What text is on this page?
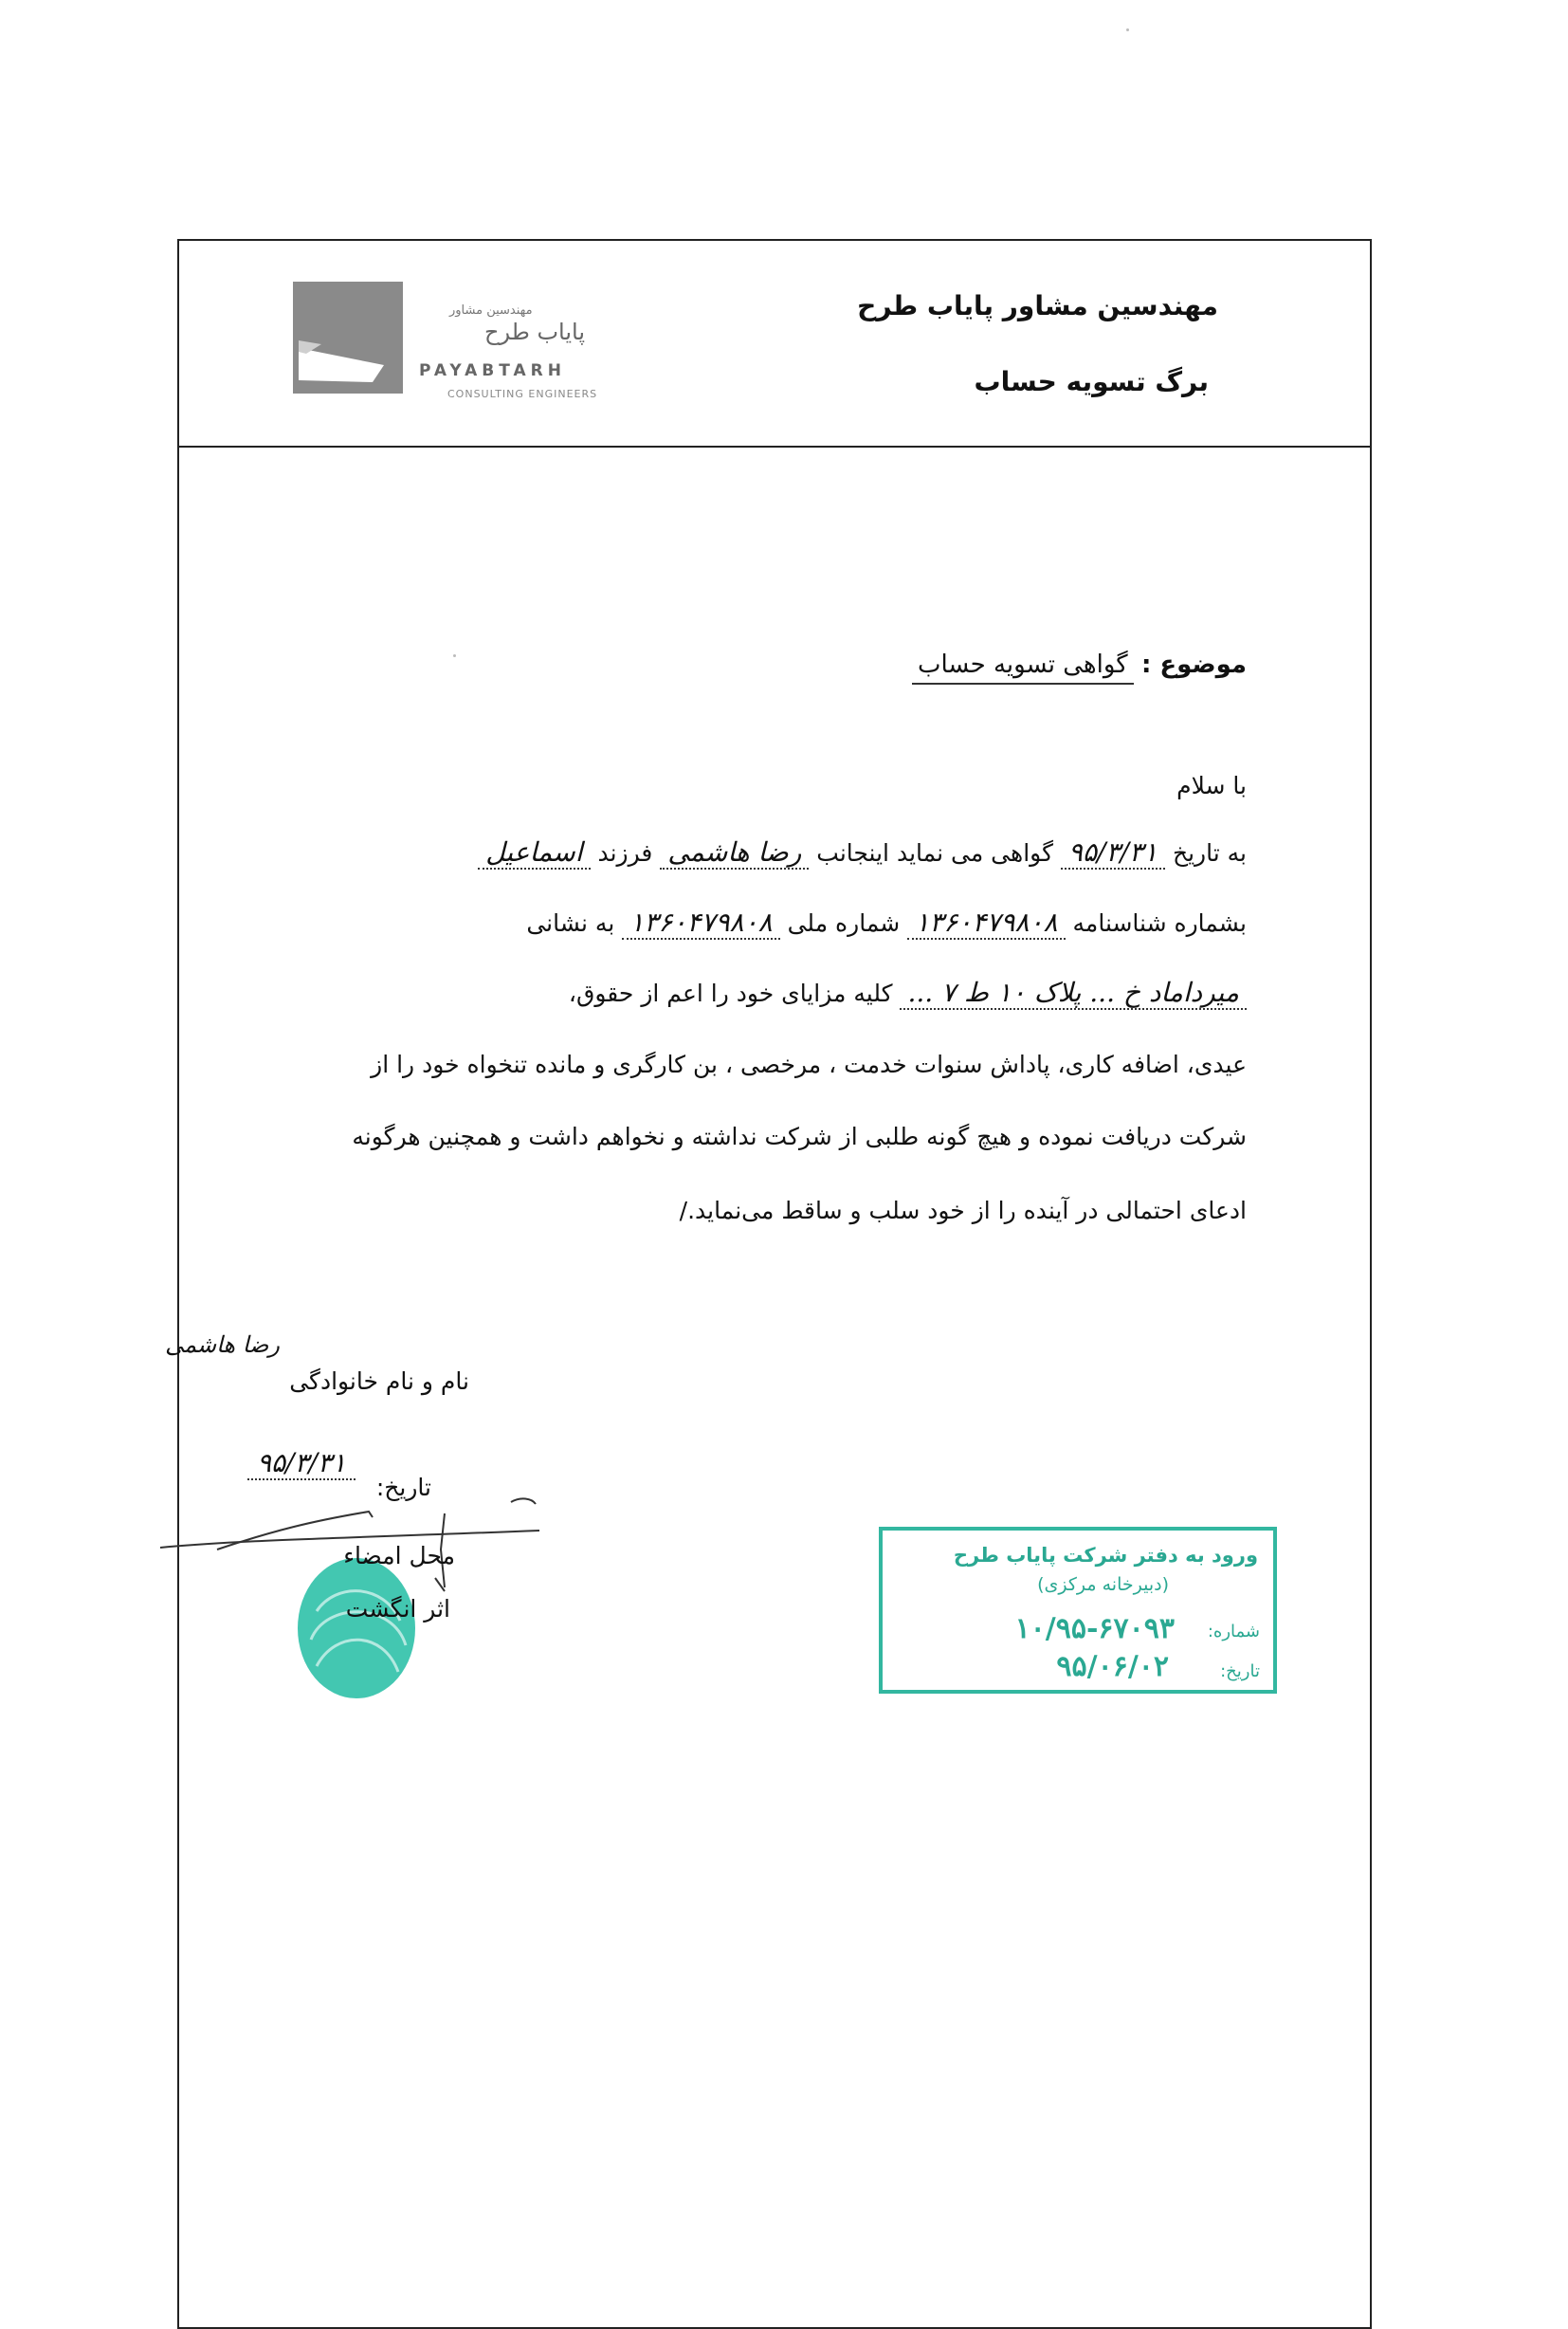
مهندسین مشاور پایاب طرح
برگ تسویه حساب
مهندسین مشاور
پایاب طرح
PAYABTARH
CONSULTING ENGINEERS
موضوع : گواهی تسویه حساب
با سلام
به تاریخ ۹۵/۳/۳۱ گواهی می نماید اینجانب رضا هاشمی فرزند اسماعیل
بشماره شناسنامه ۱۳۶۰۴۷۹۸۰۸ شماره ملی ۱۳۶۰۴۷۹۸۰۸ به نشانی
میرداماد خ ... پلاک ۱۰ ط ۷ ... کلیه مزایای خود را اعم از حقوق،
عیدی، اضافه کاری، پاداش سنوات خدمت ، مرخصی ، بن کارگری و مانده تنخواه خود را از
شرکت دریافت نموده و هیچ گونه طلبی از شرکت نداشته و نخواهم داشت و همچنین هرگونه
ادعای احتمالی در آینده را از خود سلب و ساقط می‌نماید./
رضا هاشمی
نام و نام خانوادگی
۹۵/۳/۳۱
تاریخ:
محل امضاء
اثر انگشت
ورود به دفتر شرکت پایاب طرح
(دبیرخانه مرکزی)
شماره:
۱۰/۹۵-۶۷۰۹۳
تاریخ:
۹۵/۰۶/۰۲
